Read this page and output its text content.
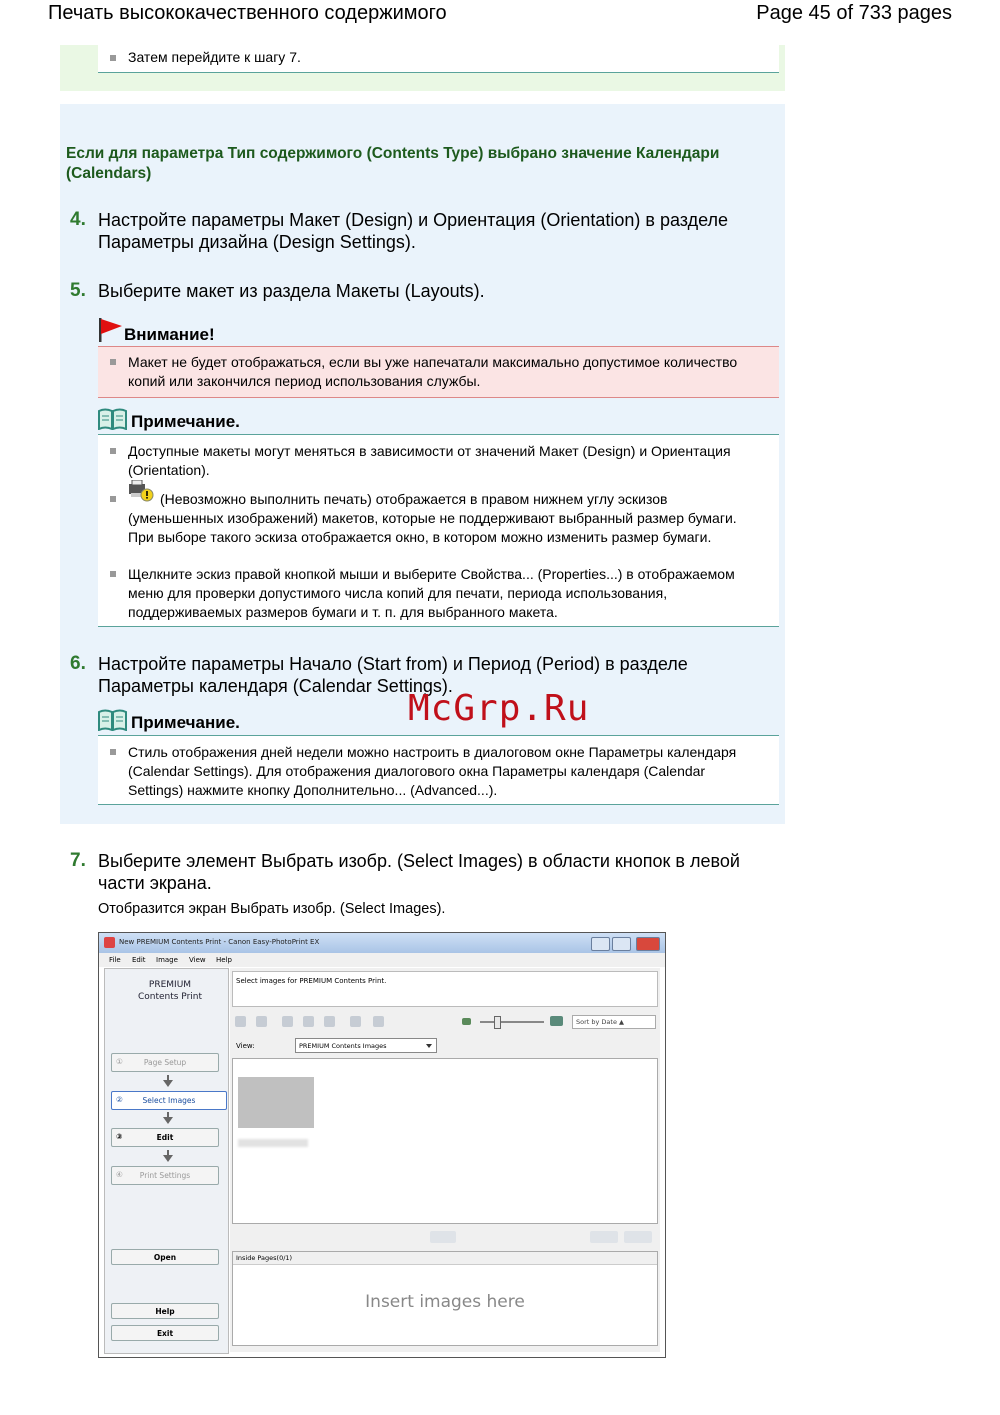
Печать высококачественного содержимого	Page 45 of 733 pages
Затем перейдите к шагу 7.
Если для параметра Тип содержимого (Contents Type) выбрано значение Календари (Calendars)
4. Настройте параметры Макет (Design) и Ориентация (Orientation) в разделе Параметры дизайна (Design Settings).
5. Выберите макет из раздела Макеты (Layouts).
Внимание!
Макет не будет отображаться, если вы уже напечатали максимально допустимое количество копий или закончился период использования службы.
Примечание.
Доступные макеты могут меняться в зависимости от значений Макет (Design) и Ориентация (Orientation).
(Невозможно выполнить печать) отображается в правом нижнем углу эскизов (уменьшенных изображений) макетов, которые не поддерживают выбранный размер бумаги. При выборе такого эскиза отображается окно, в котором можно изменить размер бумаги.
Щелкните эскиз правой кнопкой мыши и выберите Свойства... (Properties...) в отображаемом меню для проверки допустимого числа копий для печати, периода использования, поддерживаемых размеров бумаги и т. п. для выбранного макета.
6. Настройте параметры Начало (Start from) и Период (Period) в разделе Параметры календаря (Calendar Settings).
Примечание.
Стиль отображения дней недели можно настроить в диалоговом окне Параметры календаря (Calendar Settings). Для отображения диалогового окна Параметры календаря (Calendar Settings) нажмите кнопку Дополнительно... (Advanced...).
McGrp.Ru
7. Выберите элемент Выбрать изобр. (Select Images) в области кнопок в левой части экрана.
Отобразится экран Выбрать изобр. (Select Images).
New PREMIUM Contents Print - Canon Easy-PhotoPrint EX
File Edit Image View Help
PREMIUM
Contents Print
①	Page Setup
②	Select Images
③	Edit
④	Print Settings
Open
Help
Exit
Select images for PREMIUM Contents Print.
Sort by Date ▲
View:	PREMIUM Contents Images
Inside Pages(0/1)
Insert images here
